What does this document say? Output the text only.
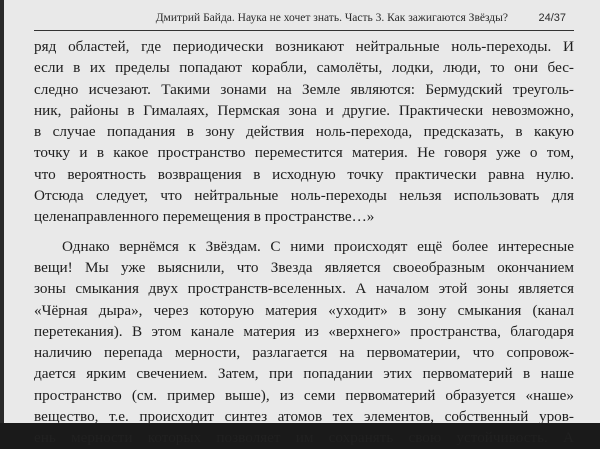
Дмитрий Байда. Наука не хочет знать. Часть 3. Как зажигаются Звёзды?	24/37
ряд областей, где периодически возникают нейтральные ноль-переходы. И
если в их пределы попадают корабли, самолёты, лодки, люди, то они бес-
следно исчезают. Такими зонами на Земле являются: Бермудский треуголь-
ник, районы в Гималаях, Пермская зона и другие. Практически невозможно,
в случае попадания в зону действия ноль-перехода, предсказать, в какую
точку и в какое пространство переместится материя. Не говоря уже о том,
что вероятность возвращения в исходную точку практически равна нулю.
Отсюда следует, что нейтральные ноль-переходы нельзя использовать для
целенаправленного перемещения в пространстве…»
Однако вернёмся к Звёздам. С ними происходят ещё более интересные
вещи! Мы уже выяснили, что Звезда является своеобразным окончанием
зоны смыкания двух пространств-вселенных. А началом этой зоны является
«Чёрная дыра», через которую материя «уходит» в зону смыкания (канал
перетекания). В этом канале материя из «верхнего» пространства, благодаря
наличию перепада мерности, разлагается на первоматерии, что сопровож-
дается ярким свечением. Затем, при попадании этих первоматерий в наше
пространство (см. пример выше), из семи первоматерий образуется «наше»
вещество, т.е. происходит синтез атомов тех элементов, собственный уров-
ень мерности которых позволяет им сохранять свою устойчивость. А
